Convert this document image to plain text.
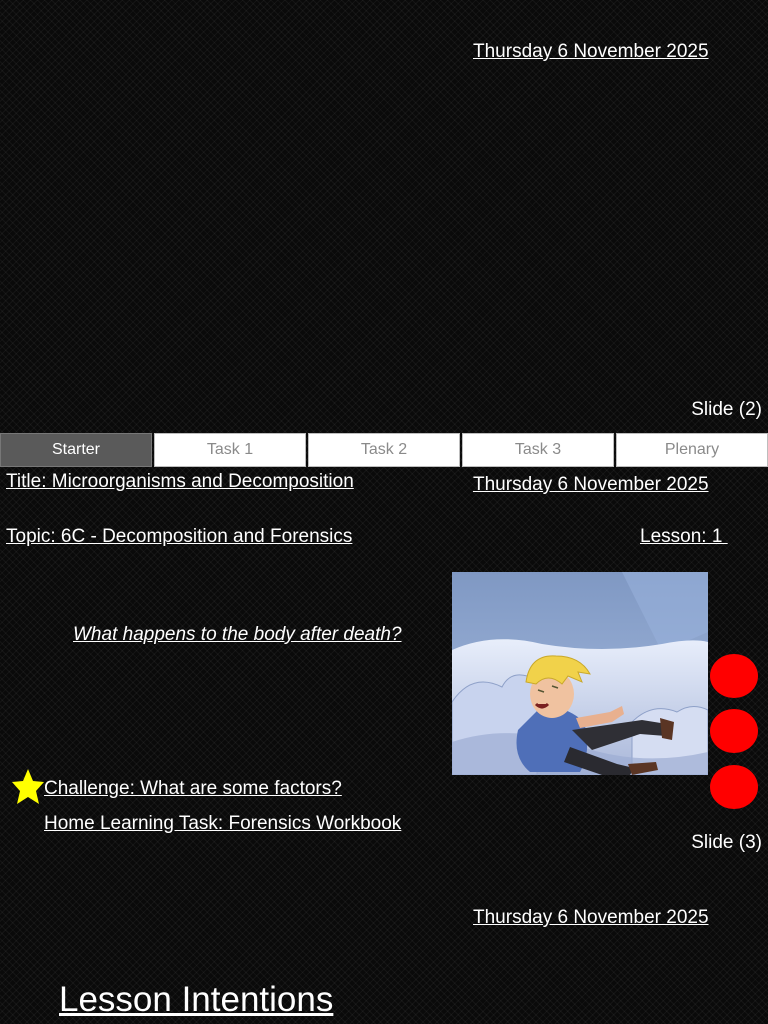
Thursday 6 November 2025
Slide (2)
Starter	Task 1	Task 2	Task 3	Plenary
Title: Microorganisms and Decomposition	Thursday 6 November 2025
Topic: 6C - Decomposition and Forensics	Lesson: 1
What happens to the body after death?
Challenge: What are some factors?
Home Learning Task: Forensics Workbook
Slide (3)
Thursday 6 November 2025
Lesson Intentions
